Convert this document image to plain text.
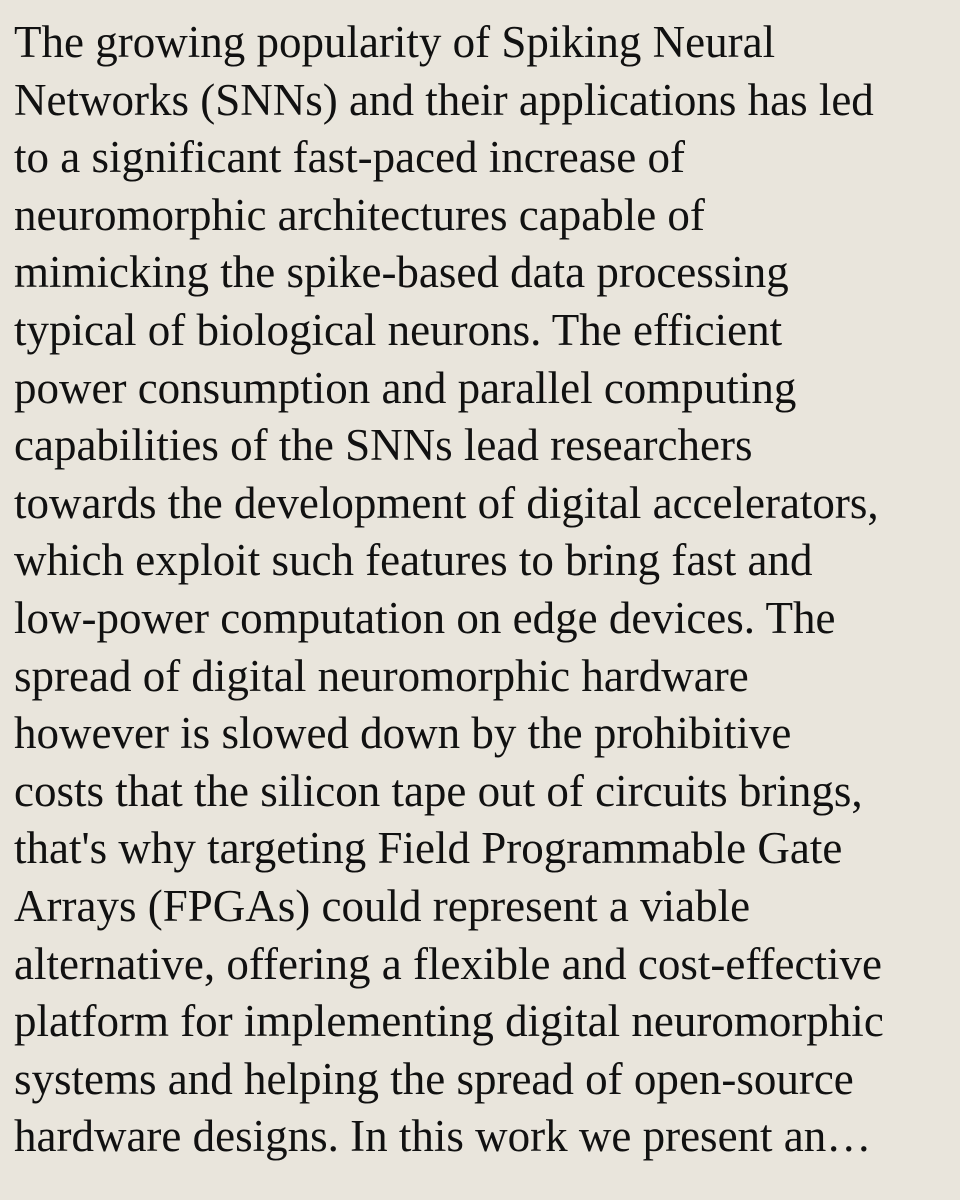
The growing popularity of Spiking Neural
Networks (SNNs) and their applications has led
to a significant fast-paced increase of
neuromorphic architectures capable of
mimicking the spike-based data processing
typical of biological neurons. The efficient
power consumption and parallel computing
capabilities of the SNNs lead researchers
towards the development of digital accelerators,
which exploit such features to bring fast and
low-power computation on edge devices. The
spread of digital neuromorphic hardware
however is slowed down by the prohibitive
costs that the silicon tape out of circuits brings,
that's why targeting Field Programmable Gate
Arrays (FPGAs) could represent a viable
alternative, offering a flexible and cost-effective
platform for implementing digital neuromorphic
systems and helping the spread of open-source
hardware designs. In this work we present an…
